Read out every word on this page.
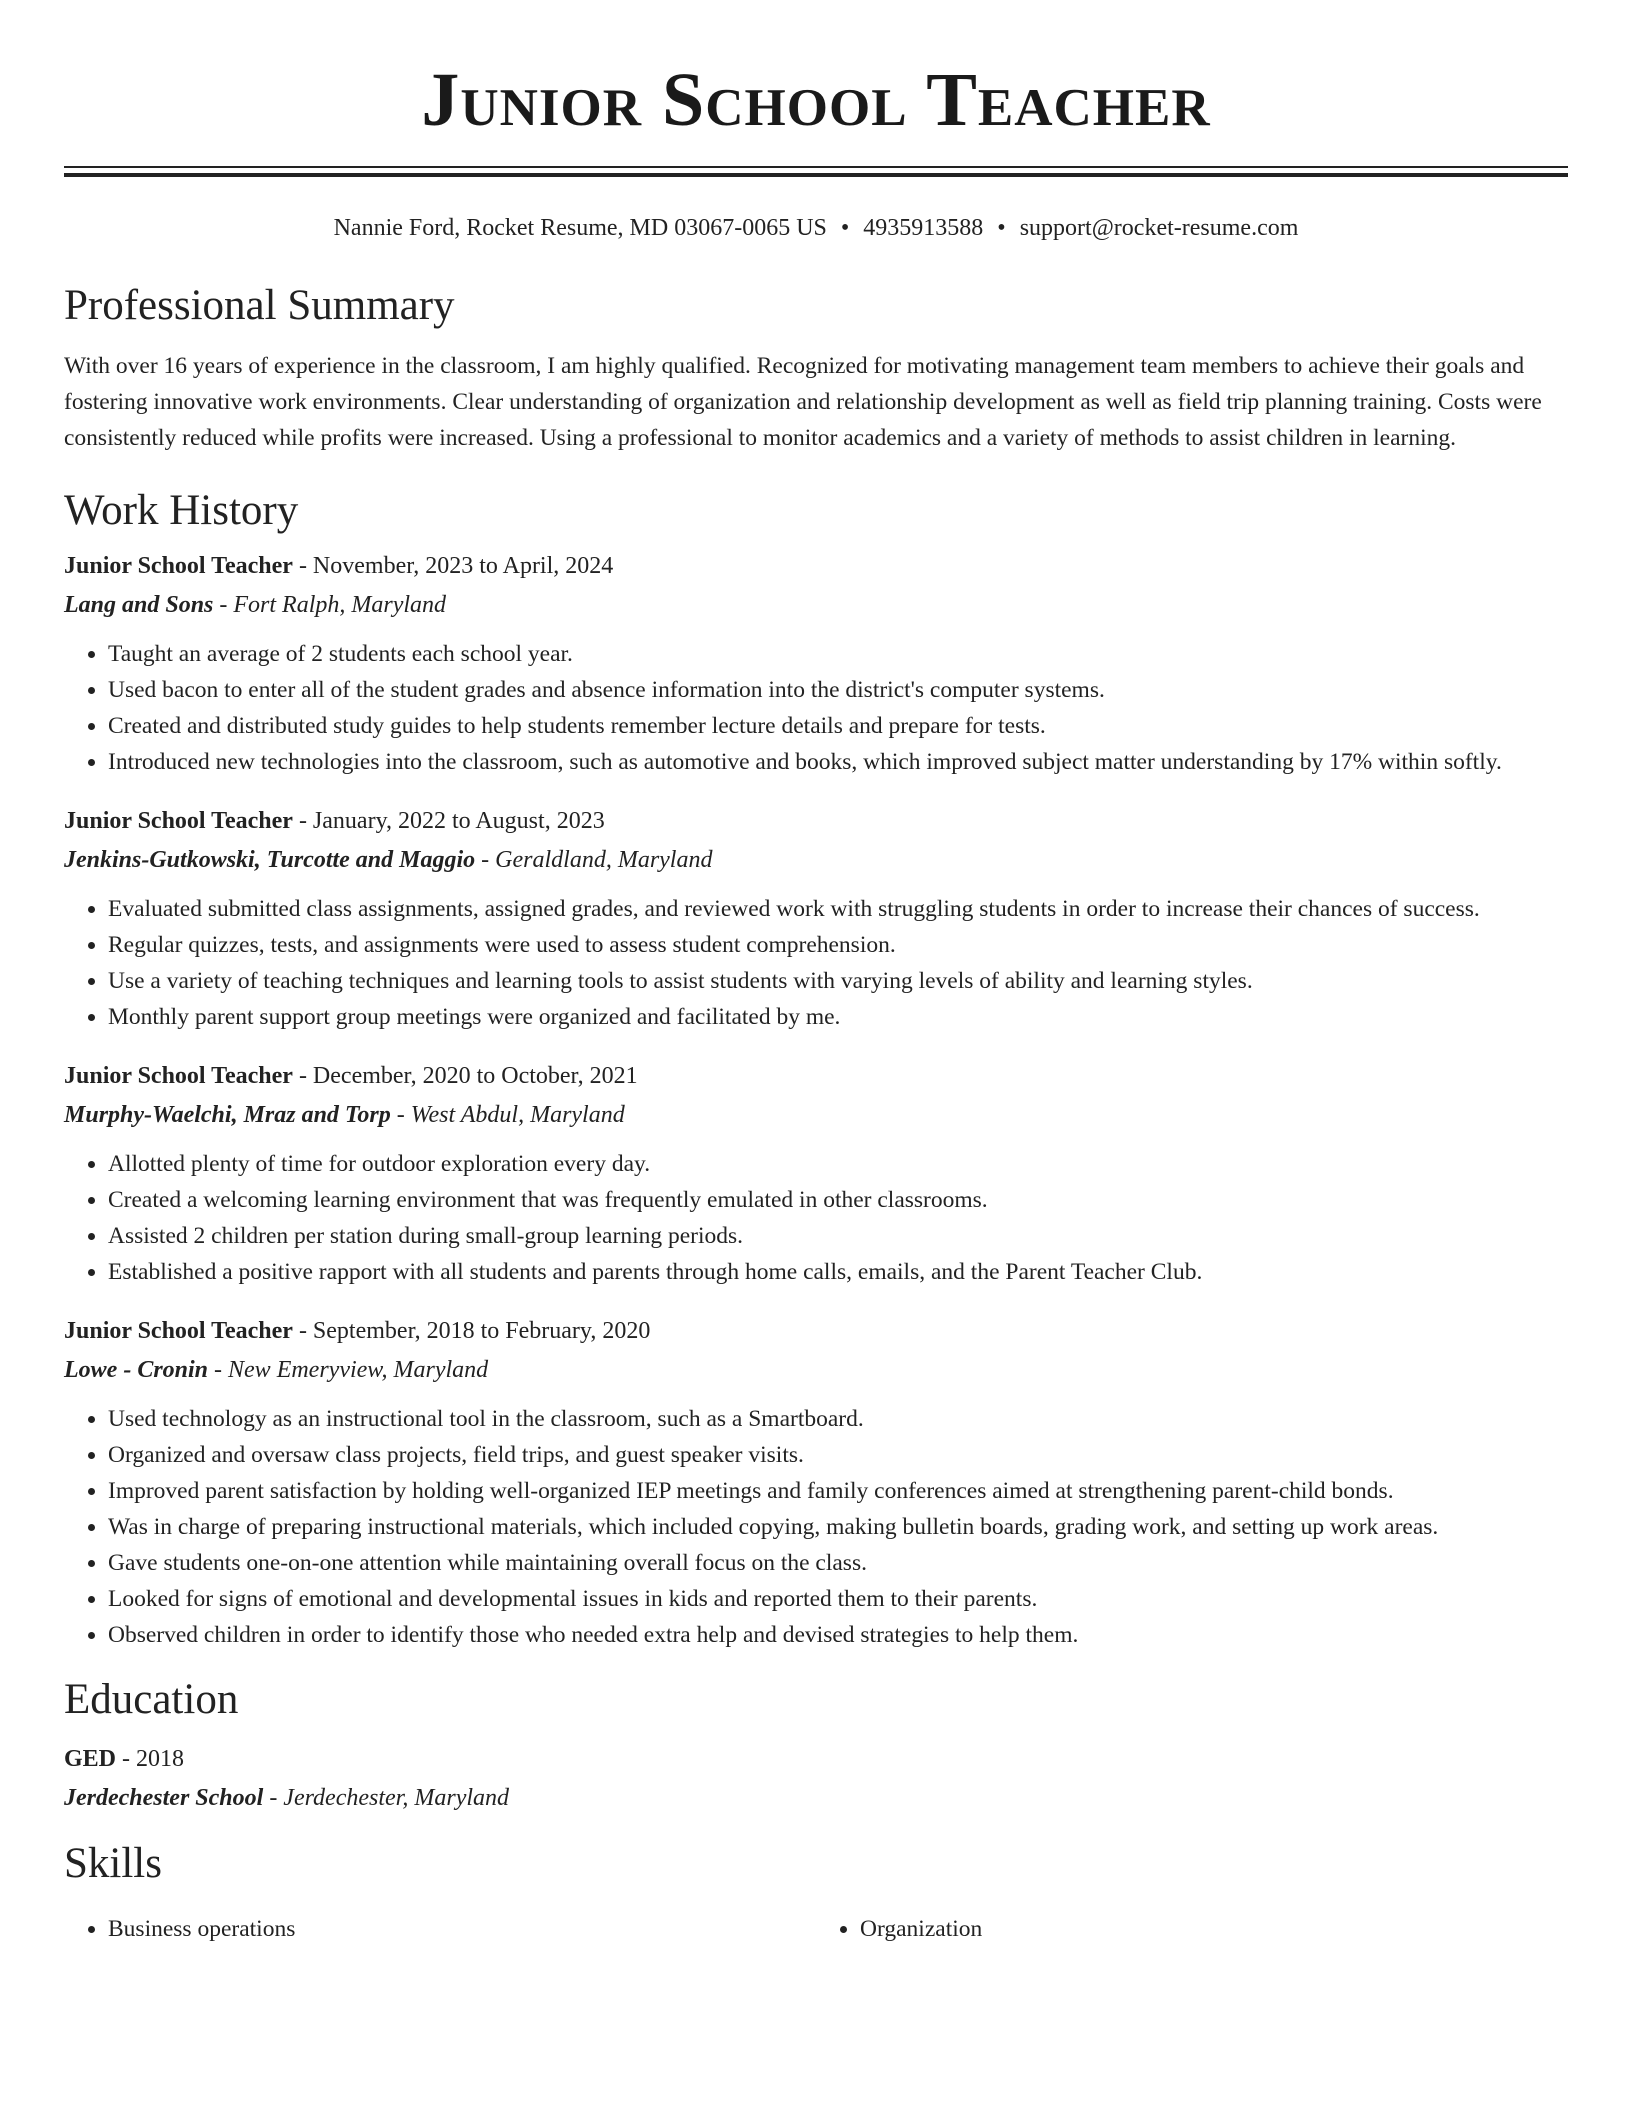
Junior School Teacher
Nannie Ford, Rocket Resume, MD 03067-0065 US • 4935913588 • support@rocket-resume.com
Professional Summary

With over 16 years of experience in the classroom, I am highly qualified. Recognized for motivating management team members to achieve their goals and fostering innovative work environments. Clear understanding of organization and relationship development as well as field trip planning training. Costs were consistently reduced while profits were increased. Using a professional to monitor academics and a variety of methods to assist children in learning.

Work History
Junior School Teacher - November, 2023 to April, 2024
Lang and Sons - Fort Ralph, Maryland
• Taught an average of 2 students each school year.
• Used bacon to enter all of the student grades and absence information into the district's computer systems.
• Created and distributed study guides to help students remember lecture details and prepare for tests.
• Introduced new technologies into the classroom, such as automotive and books, which improved subject matter understanding by 17% within softly.
Junior School Teacher - January, 2022 to August, 2023
Jenkins-Gutkowski, Turcotte and Maggio - Geraldland, Maryland
• Evaluated submitted class assignments, assigned grades, and reviewed work with struggling students in order to increase their chances of success.
• Regular quizzes, tests, and assignments were used to assess student comprehension.
• Use a variety of teaching techniques and learning tools to assist students with varying levels of ability and learning styles.
• Monthly parent support group meetings were organized and facilitated by me.
Junior School Teacher - December, 2020 to October, 2021
Murphy-Waelchi, Mraz and Torp - West Abdul, Maryland
• Allotted plenty of time for outdoor exploration every day.
• Created a welcoming learning environment that was frequently emulated in other classrooms.
• Assisted 2 children per station during small-group learning periods.
• Established a positive rapport with all students and parents through home calls, emails, and the Parent Teacher Club.
Junior School Teacher - September, 2018 to February, 2020
Lowe - Cronin - New Emeryview, Maryland
• Used technology as an instructional tool in the classroom, such as a Smartboard.
• Organized and oversaw class projects, field trips, and guest speaker visits.
• Improved parent satisfaction by holding well-organized IEP meetings and family conferences aimed at strengthening parent-child bonds.
• Was in charge of preparing instructional materials, which included copying, making bulletin boards, grading work, and setting up work areas.
• Gave students one-on-one attention while maintaining overall focus on the class.
• Looked for signs of emotional and developmental issues in kids and reported them to their parents.
• Observed children in order to identify those who needed extra help and devised strategies to help them.
Education
GED - 2018
Jerdechester School - Jerdechester, Maryland
Skills
• Business operations
•	Organization
